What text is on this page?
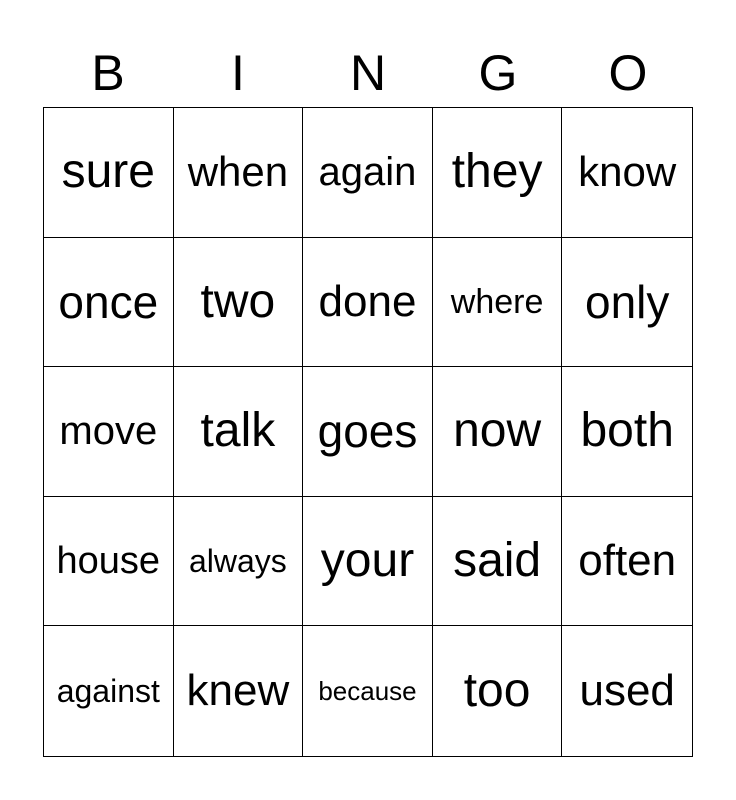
B	I	N	G	O
sure when again they know
once two done	where only
move talk goes now both
house always your said often
against knew	because too	used
